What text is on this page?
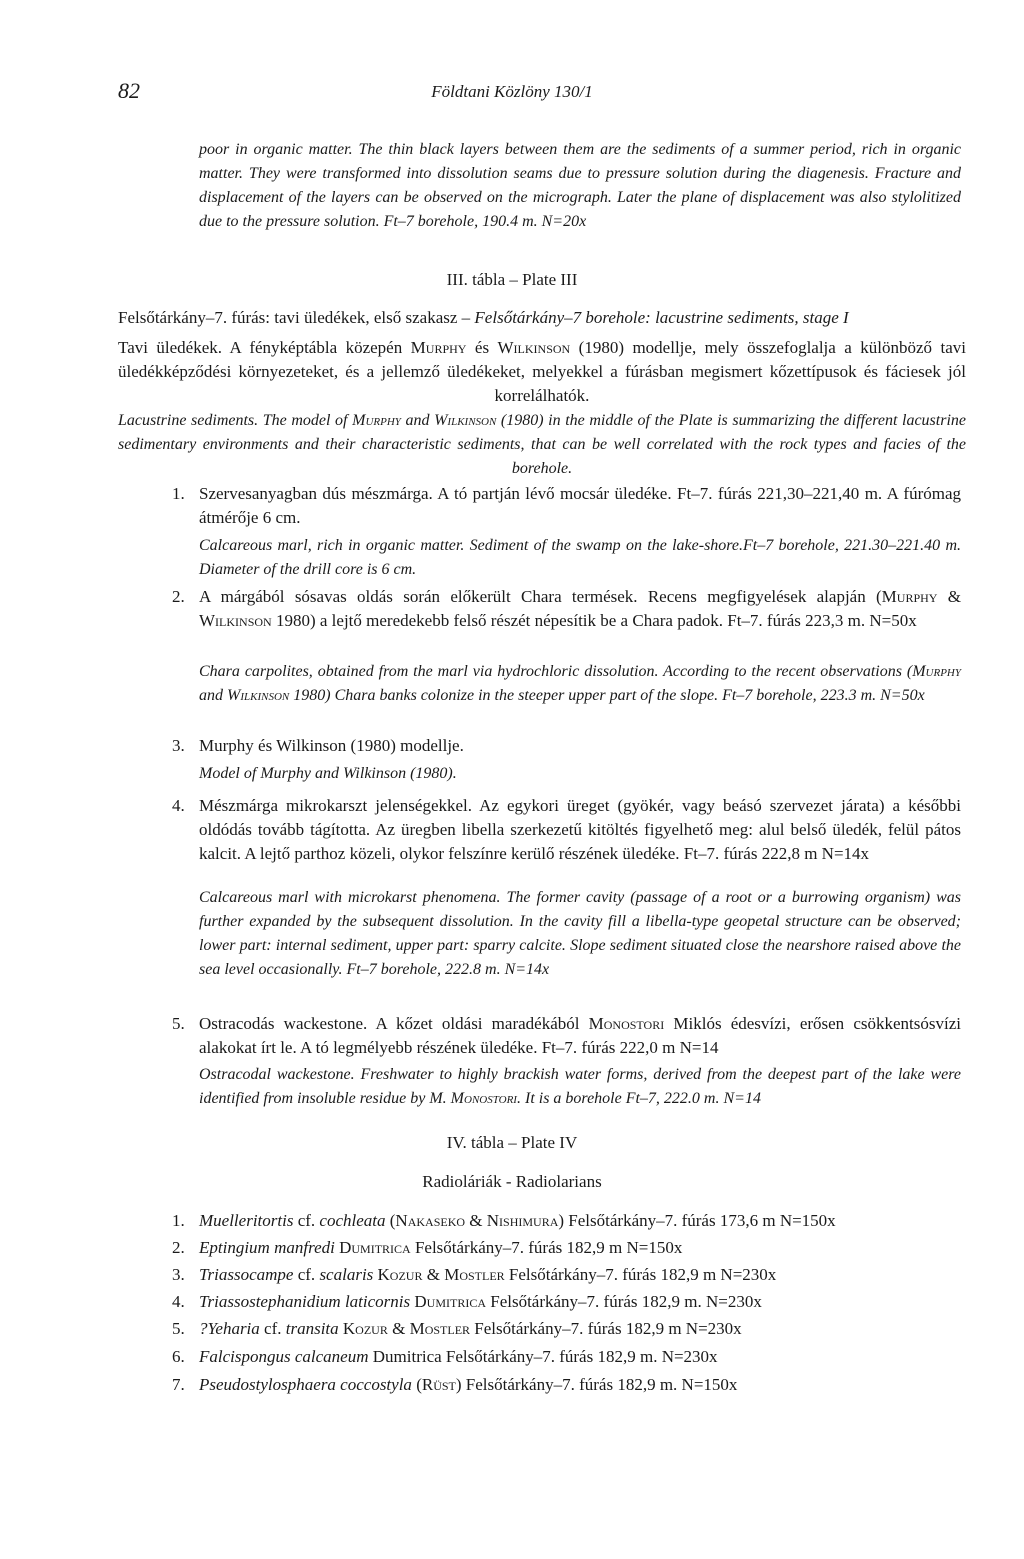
82	Földtani Közlöny 130/1

poor in organic matter. The thin black layers between them are the sediments of a summer period, rich in organic matter. They were transformed into dissolution seams due to pressure solution during the diagenesis. Fracture and displacement of the layers can be observed on the micrograph. Later the plane of displacement was also stylolitized due to the pressure solution. Ft–7 borehole, 190.4 m. N=20x

III. tábla – Plate III

Felsőtárkány–7. fúrás: tavi üledékek, első szakasz – Felsőtárkány–7 borehole: lacustrine sediments, stage I

Tavi üledékek. A fényképtábla közepén Murphy és Wilkinson (1980) modellje, mely összefoglalja a különböző tavi üledékképződési környezeteket, és a jellemző üledékeket, melyekkel a fúrásban megismert kőzettípusok és fáciesek jól korrelálhatók.

Lacustrine sediments. The model of Murphy and Wilkinson (1980) in the middle of the Plate is summarizing the different lacustrine sedimentary environments and their characteristic sediments, that can be well correlated with the rock types and facies of the borehole.

1. Szervesanyagban dús mészmárga. A tó partján lévő mocsár üledéke. Ft–7. fúrás 221,30–221,40 m. A fúrómag átmérője 6 cm.

Calcareous marl, rich in organic matter. Sediment of the swamp on the lake-shore.Ft–7 borehole, 221.30–221.40 m. Diameter of the drill core is 6 cm.

2. A márgából sósavas oldás során előkerült Chara termések. Recens megfigyelések alapján (Murphy & Wilkinson 1980) a lejtő meredekebb felső részét népesítik be a Chara padok. Ft–7. fúrás 223,3 m. N=50x

Chara carpolites, obtained from the marl via hydrochloric dissolution. According to the recent observations (Murphy and Wilkinson 1980) Chara banks colonize in the steeper upper part of the slope. Ft–7 borehole, 223.3 m. N=50x

3. Murphy és Wilkinson (1980) modellje.

Model of Murphy and Wilkinson (1980).

4. Mészmárga mikrokarszt jelenségekkel. Az egykori üreget (gyökér, vagy beásó szervezet járata) a későbbi oldódás tovább tágította. Az üregben libella szerkezetű kitöltés figyelhető meg: alul belső üledék, felül pátos kalcit. A lejtő parthoz közeli, olykor felszínre kerülő részének üledéke. Ft–7. fúrás 222,8 m N=14x

Calcareous marl with microkarst phenomena. The former cavity (passage of a root or a burrowing organism) was further expanded by the subsequent dissolution. In the cavity fill a libella-type geopetal structure can be observed; lower part: internal sediment, upper part: sparry calcite. Slope sediment situated close the nearshore raised above the sea level occasionally. Ft–7 borehole, 222.8 m. N=14x

5. Ostracodás wackestone. A kőzet oldási maradékából Monostori Miklós édesvízi, erősen csökkentsósvízi alakokat írt le. A tó legmélyebb részének üledéke. Ft–7. fúrás 222,0 m N=14

Ostracodal wackestone. Freshwater to highly brackish water forms, derived from the deepest part of the lake were identified from insoluble residue by M. Monostori. It is a borehole Ft–7, 222.0 m. N=14

IV. tábla – Plate IV
Radioláriák - Radiolarians
1. Muelleritortis cf. cochleata (Nakaseko & Nishimura) Felsőtárkány–7. fúrás 173,6 m N=150x
2. Eptingium manfredi Dumitrica Felsőtárkány–7. fúrás 182,9 m N=150x
3. Triassocampe cf. scalaris Kozur & Mostler Felsőtárkány–7. fúrás 182,9 m N=230x
4. Triassostephanidium laticornis Dumitrica Felsőtárkány–7. fúrás 182,9 m. N=230x
5. ?Yeharia cf. transita Kozur & Mostler Felsőtárkány–7. fúrás 182,9 m N=230x
6. Falcispongus calcaneum Dumitrica Felsőtárkány–7. fúrás 182,9 m. N=230x
7. Pseudostylosphaera coccostyla (Rüst) Felsőtárkány–7. fúrás 182,9 m. N=150x
